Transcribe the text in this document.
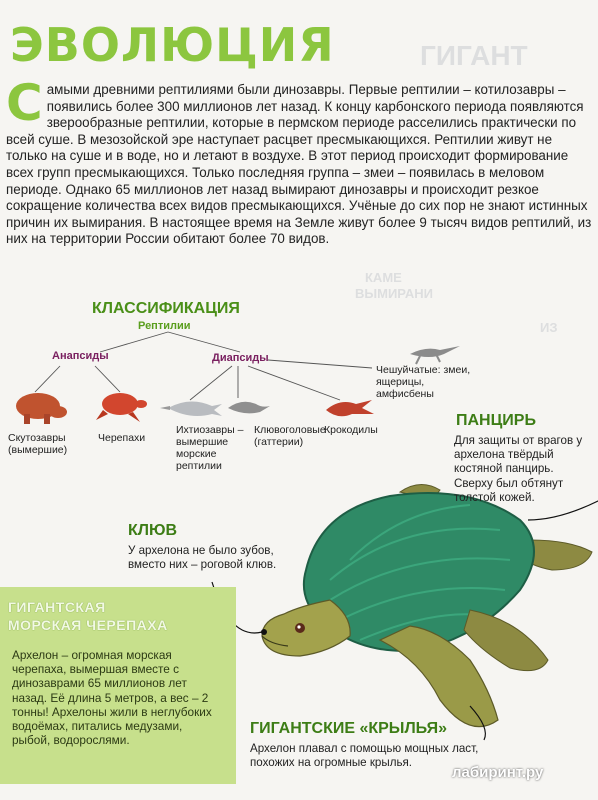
ГИГАНТ
КАМЕ
ВЫМИРАНИ
ИЗ
ЭВОЛЮЦИЯ

Самыми древними рептилиями были динозавры. Первые рептилии – котилозавры – появились более 300 миллионов лет назад. К концу карбонского периода появляются зверообразные рептилии, которые в пермском периоде расселились практически по всей суше. В мезозойской эре наступает расцвет пресмыкающихся. Рептилии живут не только на суше и в воде, но и летают в воздухе. В этот период происходит формирование всех групп пресмыкающихся. Только последняя группа – змеи – появилась в меловом периоде. Однако 65 миллионов лет назад вымирают динозавры и происходит резкое сокращение количества всех видов пресмыкающихся. Учёные до сих пор не знают истинных причин их вымирания. В настоящее время на Земле живут более 9 тысяч видов рептилий, из них на территории России обитают более 70 видов.

КЛАССИФИКАЦИЯ
Рептилии
Анапсиды	Диапсиды
Скутозавры (вымершие)
Черепахи
Ихтиозавры – вымершие морские рептилии
Клювоголовые (гаттерии)
Крокодилы
Чешуйчатые: змеи, ящерицы, амфисбены
ПАНЦИРЬ
Для защиты от врагов у архелона твёрдый костяной панцирь. Сверху был обтянут толстой кожей.
КЛЮВ
У архелона не было зубов, вместо них – роговой клюв.
ГИГАНТСКИЕ «КРЫЛЬЯ»
Архелон плавал с помощью мощных ласт, похожих на огромные крылья.
ГИГАНТСКАЯ
МОРСКАЯ ЧЕРЕПАХА
Архелон – огромная морская черепаха, вымершая вместе с динозаврами 65 миллионов лет назад. Её длина 5 метров, а вес – 2 тонны! Архелоны жили в неглубоких водоёмах, питались медузами, рыбой, водорослями.
лабиринт.ру
